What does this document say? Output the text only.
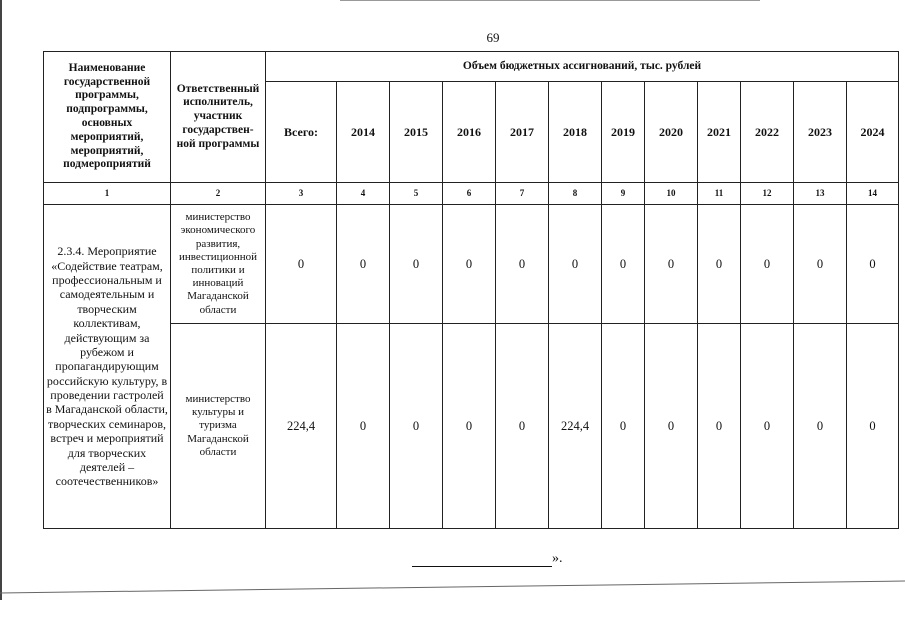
69
Наименование государственной программы, подпрограммы, основных мероприятий, мероприятий, подмероприятий	Ответственный исполнитель, участник государствен-ной программы	Объем бюджетных ассигнований, тыс. рублей											
		Всего:	2014	2015	2016	2017	2018	2019	2020	2021	2022	2023	2024
1	2	3	4	5	6	7	8	9	10	11	12	13	14
2.3.4. Мероприятие «Содействие театрам, профессиональным и самодеятельным и творческим коллективам, действующим за рубежом и пропагандирующим российскую культуру, в проведении гастролей в Магаданской области, творческих семинаров, встреч и мероприятий для творческих деятелей – соотечественников»	министерство экономического развития, инвестиционной политики и инноваций Магаданской области	0	0	0	0	0	0	0	0	0	0	0	0
	министерство культуры и туризма Магаданской области	224,4	0	0	0	0	224,4	0	0	0	0	0	0
».
